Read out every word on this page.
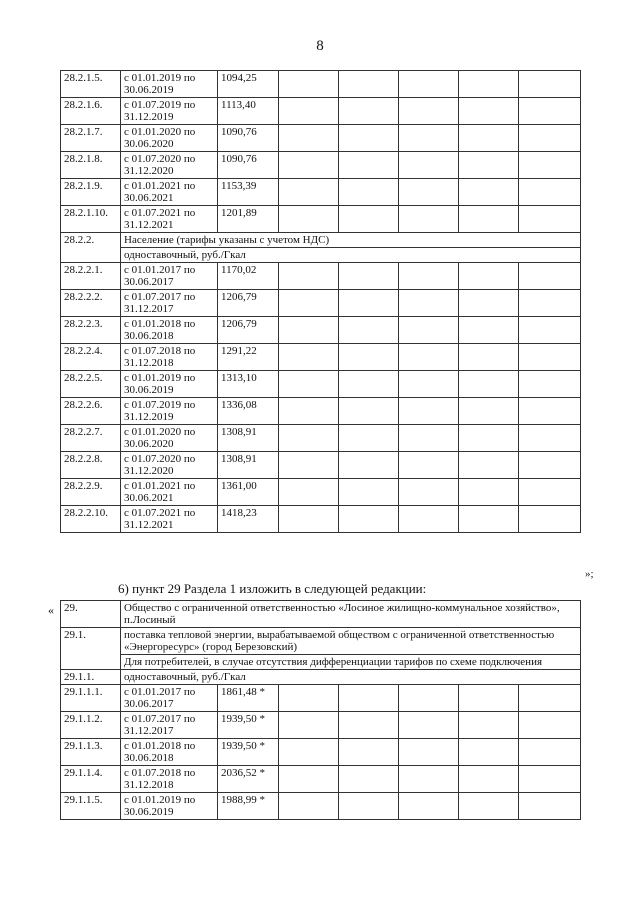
8
28.2.1.5.	с 01.01.2019 по 30.06.2019	1094,25					
28.2.1.6.	с 01.07.2019 по 31.12.2019	1113,40					
28.2.1.7.	с 01.01.2020 по 30.06.2020	1090,76					
28.2.1.8.	с 01.07.2020 по 31.12.2020	1090,76					
28.2.1.9.	с 01.01.2021 по 30.06.2021	1153,39					
28.2.1.10.	с 01.07.2021 по 31.12.2021	1201,89					
28.2.2.	Население (тарифы указаны с учетом НДС)						
	одноставочный, руб./Гкал						
28.2.2.1.	с 01.01.2017 по 30.06.2017	1170,02					
28.2.2.2.	с 01.07.2017 по 31.12.2017	1206,79					
28.2.2.3.	с 01.01.2018 по 30.06.2018	1206,79					
28.2.2.4.	с 01.07.2018 по 31.12.2018	1291,22					
28.2.2.5.	с 01.01.2019 по 30.06.2019	1313,10					
28.2.2.6.	с 01.07.2019 по 31.12.2019	1336,08					
28.2.2.7.	с 01.01.2020 по 30.06.2020	1308,91					
28.2.2.8.	с 01.07.2020 по 31.12.2020	1308,91					
28.2.2.9.	с 01.01.2021 по 30.06.2021	1361,00					
28.2.2.10.	с 01.07.2021 по 31.12.2021	1418,23					
»;
6) пункт 29 Раздела 1 изложить в следующей редакции:
« 29.	Общество с ограниченной ответственностью «Лосиное жилищно-коммунальное хозяйство», п.Лосиный						
29.1.	поставка тепловой энергии, вырабатываемой обществом с ограниченной ответственностью «Энергоресурс» (город Березовский)						
	Для потребителей, в случае отсутствия дифференциации тарифов по схеме подключения						
29.1.1.	одноставочный, руб./Гкал						
29.1.1.1.	с 01.01.2017 по 30.06.2017	1861,48 *					
29.1.1.2.	с 01.07.2017 по 31.12.2017	1939,50 *					
29.1.1.3.	с 01.01.2018 по 30.06.2018	1939,50 *					
29.1.1.4.	с 01.07.2018 по 31.12.2018	2036,52 *					
29.1.1.5.	с 01.01.2019 по 30.06.2019	1988,99 *					
